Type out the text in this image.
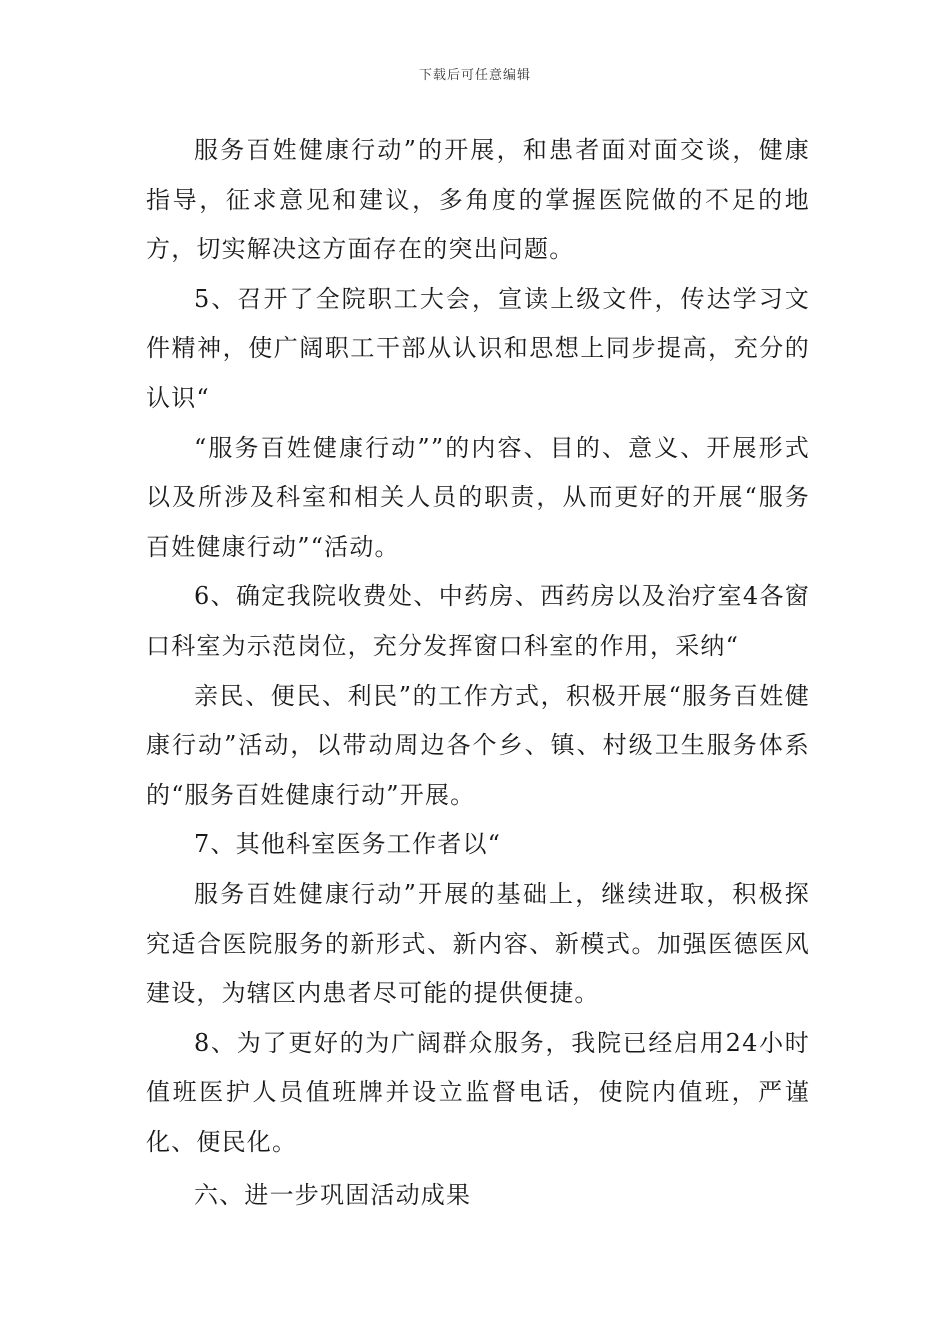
下载后可任意编辑

服务百姓健康行动”的开展，和患者面对面交谈，健康指导，征求意见和建议，多角度的掌握医院做的不足的地方，切实解决这方面存在的突出问题。

5、召开了全院职工大会，宣读上级文件，传达学习文件精神，使广阔职工干部从认识和思想上同步提高，充分的认识“

“服务百姓健康行动””的内容、目的、意义、开展形式以及所涉及科室和相关人员的职责，从而更好的开展“服务百姓健康行动”“活动。

6、确定我院收费处、中药房、西药房以及治疗室4各窗口科室为示范岗位，充分发挥窗口科室的作用，采纳“

亲民、便民、利民”的工作方式，积极开展“服务百姓健康行动”活动，以带动周边各个乡、镇、村级卫生服务体系的“服务百姓健康行动”开展。

7、其他科室医务工作者以“

服务百姓健康行动”开展的基础上，继续进取，积极探究适合医院服务的新形式、新内容、新模式。加强医德医风建设，为辖区内患者尽可能的提供便捷。

8、为了更好的为广阔群众服务，我院已经启用24小时值班医护人员值班牌并设立监督电话，使院内值班，严谨化、便民化。

六、进一步巩固活动成果
